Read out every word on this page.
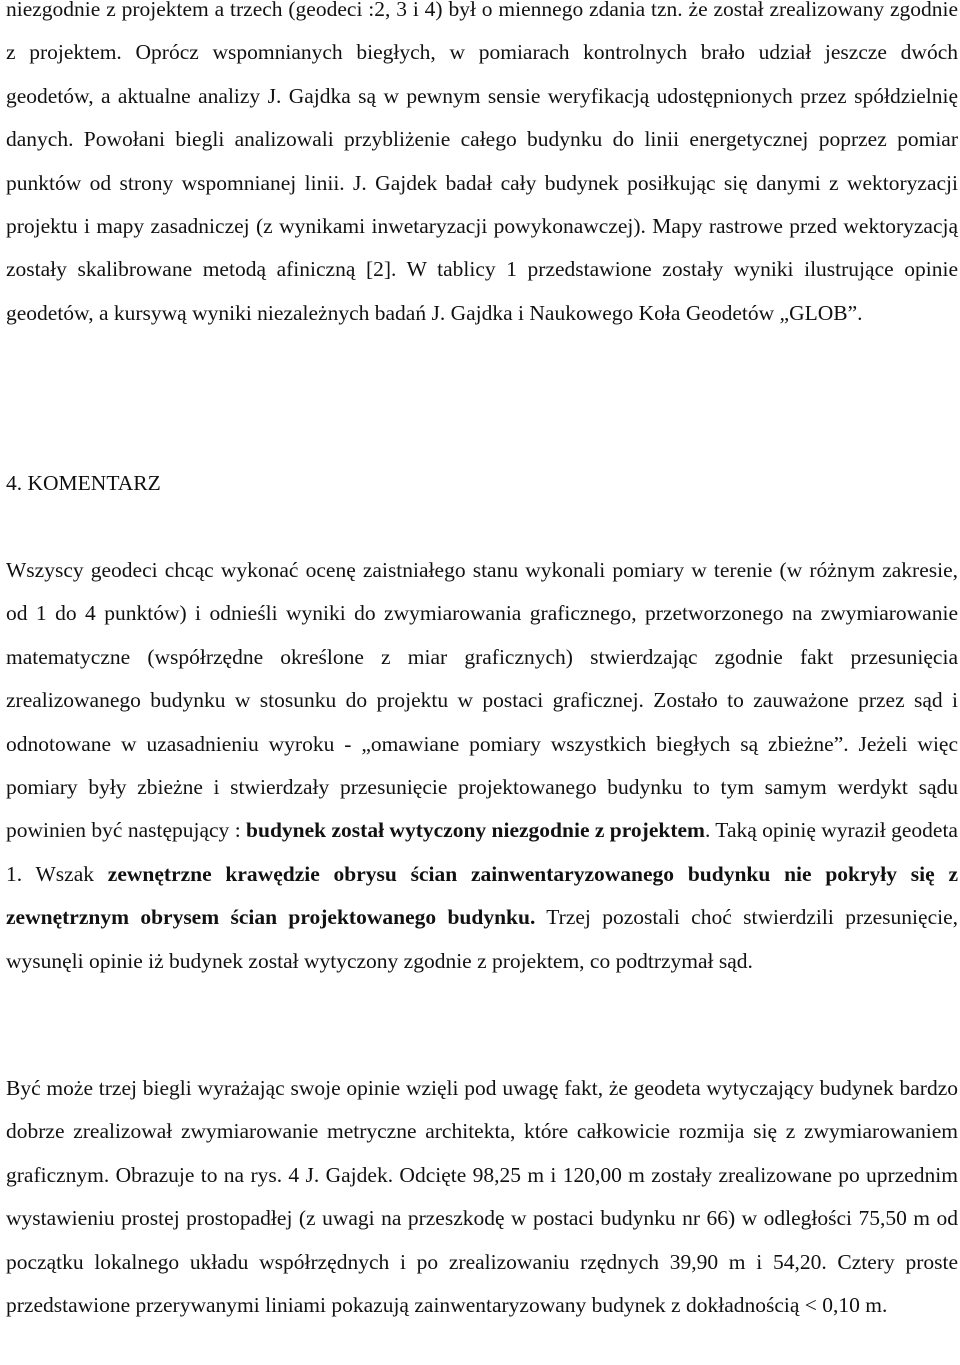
niezgodnie z projektem a trzech (geodeci :2, 3 i 4) był o miennego zdania tzn. że został zrealizowany zgodnie z projektem. Oprócz wspomnianych biegłych, w pomiarach kontrolnych brało udział jeszcze dwóch geodetów, a aktualne analizy J. Gajdka są w pewnym sensie weryfikacją udostępnionych przez spółdzielnię danych. Powołani biegli analizowali przybliżenie całego budynku do linii energetycznej poprzez pomiar punktów od strony wspomnianej linii. J. Gajdek badał cały budynek posiłkując się danymi z wektoryzacji projektu i mapy zasadniczej (z wynikami inwetaryzacji powykonawczej). Mapy rastrowe przed wektoryzacją zostały skalibrowane metodą afiniczną [2]. W tablicy 1 przedstawione zostały wyniki ilustrujące opinie geodetów, a kursywą wyniki niezależnych badań J. Gajdka i Naukowego Koła Geodetów „GLOB”.

4. KOMENTARZ

Wszyscy geodeci chcąc wykonać ocenę zaistniałego stanu wykonali pomiary w terenie (w różnym zakresie, od 1 do 4 punktów) i odnieśli wyniki do zwymiarowania graficznego, przetworzonego na zwymiarowanie matematyczne (współrzędne określone z miar graficznych) stwierdzając zgodnie fakt przesunięcia zrealizowanego budynku w stosunku do projektu w postaci graficznej. Zostało to zauważone przez sąd i odnotowane w uzasadnieniu wyroku - „omawiane pomiary wszystkich biegłych są zbieżne”. Jeżeli więc pomiary były zbieżne i stwierdzały przesunięcie projektowanego budynku to tym samym werdykt sądu powinien być następujący : budynek został wytyczony niezgodnie z projektem. Taką opinię wyraził geodeta 1. Wszak zewnętrzne krawędzie obrysu ścian zainwentaryzowanego budynku nie pokryły się z zewnętrznym obrysem ścian projektowanego budynku. Trzej pozostali choć stwierdzili przesunięcie, wysunęli opinie iż budynek został wytyczony zgodnie z projektem, co podtrzymał sąd.

Być może trzej biegli wyrażając swoje opinie wzięli pod uwagę fakt, że geodeta wytyczający budynek bardzo dobrze zrealizował zwymiarowanie metryczne architekta, które całkowicie rozmija się z zwymiarowaniem graficznym. Obrazuje to na rys. 4 J. Gajdek. Odcięte 98,25 m i 120,00 m zostały zrealizowane po uprzednim wystawieniu prostej prostopadłej (z uwagi na przeszkodę w postaci budynku nr 66) w odległości 75,50 m od początku lokalnego układu współrzędnych i po zrealizowaniu rzędnych 39,90 m i 54,20. Cztery proste przedstawione przerywanymi liniami pokazują zainwentaryzowany budynek z dokładnością < 0,10 m.
